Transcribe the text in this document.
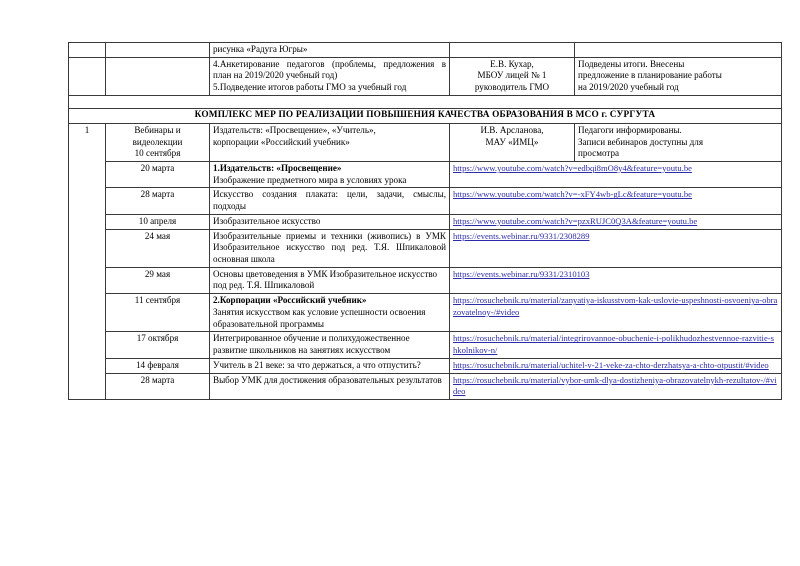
		рисунка «Радуга Югры»		

		4.Анкетирование педагогов (проблемы, предложения в план на 2019/2020 учебный год)
5.Подведение итогов работы ГМО за учебный год	Е.В. Кухар,
МБОУ лицей № 1
руководитель ГМО	Подведены итоги. Внесены
предложение в планирование работы
на 2019/2020 учебный год

КОМПЛЕКС МЕР ПО РЕАЛИЗАЦИИ ПОВЫШЕНИЯ КАЧЕСТВА ОБРАЗОВАНИЯ В МСО г. СУРГУТА				
1	Вебинары и
видеолекции
10 сентября	Издательств: «Просвещение», «Учитель»,
корпорации «Российский учебник»	И.В. Арсланова,
МАУ «ИМЦ»	Педагоги информированы.
Записи вебинаров доступны для
просмотра

	20 марта	1.Издательств: «Просвещение»
Изображение предметного мира в условиях урока	https://www.youtube.com/watch?v=edbqi8mO8y4&feature=youtu.be	
	28 марта	Искусство создания плаката: цели, задачи, смыслы, подходы	https://www.youtube.com/watch?v=-xFY4wb-gLc&feature=youtu.be	
	10 апреля	Изобразительное искусство	https://www.youtube.com/watch?v=pzxRUJC0Q3A&feature=youtu.be	
	24 мая	Изобразительные приемы и техники (живопись) в УМК Изобразительное искусство под ред. Т.Я. Шпикаловой основная школа	https://events.webinar.ru/9331/2308289	
	29 мая	Основы цветоведения в УМК Изобразительное искусство под ред. Т.Я. Шпикаловой	https://events.webinar.ru/9331/2310103	
	11 сентября	2.Корпорации «Российский учебник»
Занятия искусством как условие успешности освоения образовательной программы	https://rosuchebnik.ru/material/zanyatiya-iskusstvom-kak-uslovie-uspeshnosti-osvoeniya-obrazovatelnoy-/#video	
	17 октября	Интегрированное обучение и полихудожественное развитие школьников на занятиях искусством	https://rosuchebnik.ru/material/integrirovannoe-obuchenie-i-polikhudozhestvennoe-razvitie-shkolnikov-n/	
	14 февраля	Учитель в 21 веке: за что держаться, а что отпустить?	https://rosuchebnik.ru/material/uchitel-v-21-veke-za-chto-derzhatsya-a-chto-otpustit/#video	
	28 марта	Выбор УМК для достижения образовательных результатов	https://rosuchebnik.ru/material/vybor-umk-dlya-dostizheniya-obrazovatelnykh-rezultatov-/#video	
